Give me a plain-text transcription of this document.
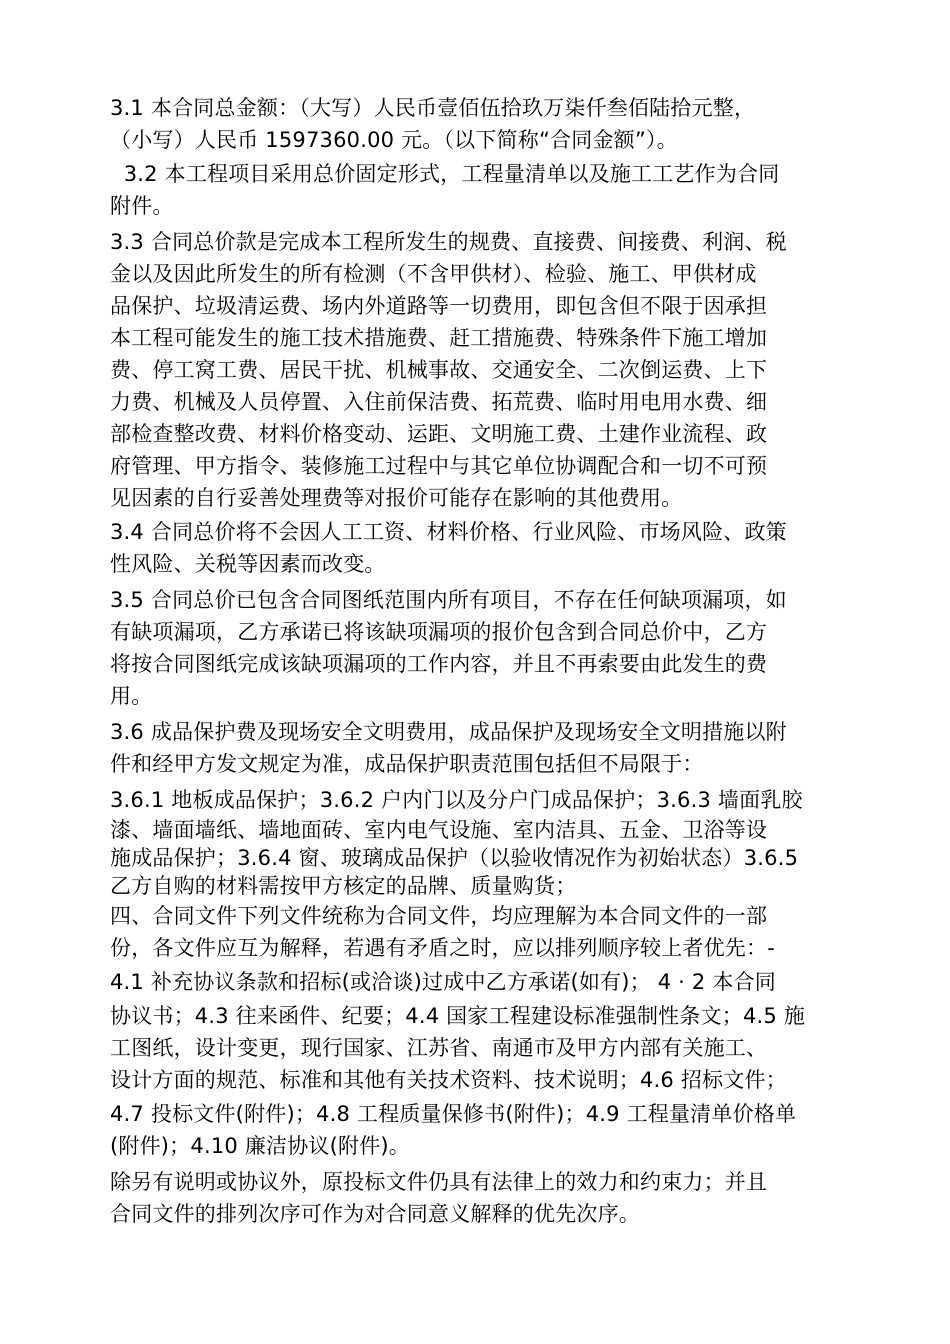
3.1 本合同总金额：（大写）人民币壹佰伍拾玖万柒仟叁佰陆拾元整，
（小写）人民币 1597360.00 元。（以下简称“合同金额”）。
3.2 本工程项目采用总价固定形式，工程量清单以及施工工艺作为合同
附件。
3.3 合同总价款是完成本工程所发生的规费、直接费、间接费、利润、税
金以及因此所发生的所有检测（不含甲供材）、检验、施工、甲供材成
品保护、垃圾清运费、场内外道路等一切费用，即包含但不限于因承担
本工程可能发生的施工技术措施费、赶工措施费、特殊条件下施工增加
费、停工窝工费、居民干扰、机械事故、交通安全、二次倒运费、上下
力费、机械及人员停置、入住前保洁费、拓荒费、临时用电用水费、细
部检查整改费、材料价格变动、运距、文明施工费、土建作业流程、政
府管理、甲方指令、装修施工过程中与其它单位协调配合和一切不可预
见因素的自行妥善处理费等对报价可能存在影响的其他费用。
3.4 合同总价将不会因人工工资、材料价格、行业风险、市场风险、政策
性风险、关税等因素而改变。
3.5 合同总价已包含合同图纸范围内所有项目，不存在任何缺项漏项，如
有缺项漏项，乙方承诺已将该缺项漏项的报价包含到合同总价中，乙方
将按合同图纸完成该缺项漏项的工作内容，并且不再索要由此发生的费
用。
3.6 成品保护费及现场安全文明费用，成品保护及现场安全文明措施以附
件和经甲方发文规定为准，成品保护职责范围包括但不局限于：
3.6.1 地板成品保护；3.6.2 户内门以及分户门成品保护；3.6.3 墙面乳胶
漆、墙面墙纸、墙地面砖、室内电气设施、室内洁具、五金、卫浴等设
施成品保护；3.6.4 窗、玻璃成品保护（以验收情况作为初始状态）3.6.5
乙方自购的材料需按甲方核定的品牌、质量购货；
四、合同文件下列文件统称为合同文件，均应理解为本合同文件的一部
份，各文件应互为解释，若遇有矛盾之时，应以排列顺序较上者优先：-
4.1 补充协议条款和招标(或洽谈)过成中乙方承诺(如有)； 4 · 2 本合同
协议书；4.3 往来函件、纪要；4.4 国家工程建设标准强制性条文；4.5 施
工图纸，设计变更，现行国家、江苏省、南通市及甲方内部有关施工、
设计方面的规范、标准和其他有关技术资料、技术说明；4.6 招标文件；
4.7 投标文件(附件)；4.8 工程质量保修书(附件)；4.9 工程量清单价格单
(附件)；4.10 廉洁协议(附件)。
除另有说明或协议外，原投标文件仍具有法律上的效力和约束力；并且
合同文件的排列次序可作为对合同意义解释的优先次序。
